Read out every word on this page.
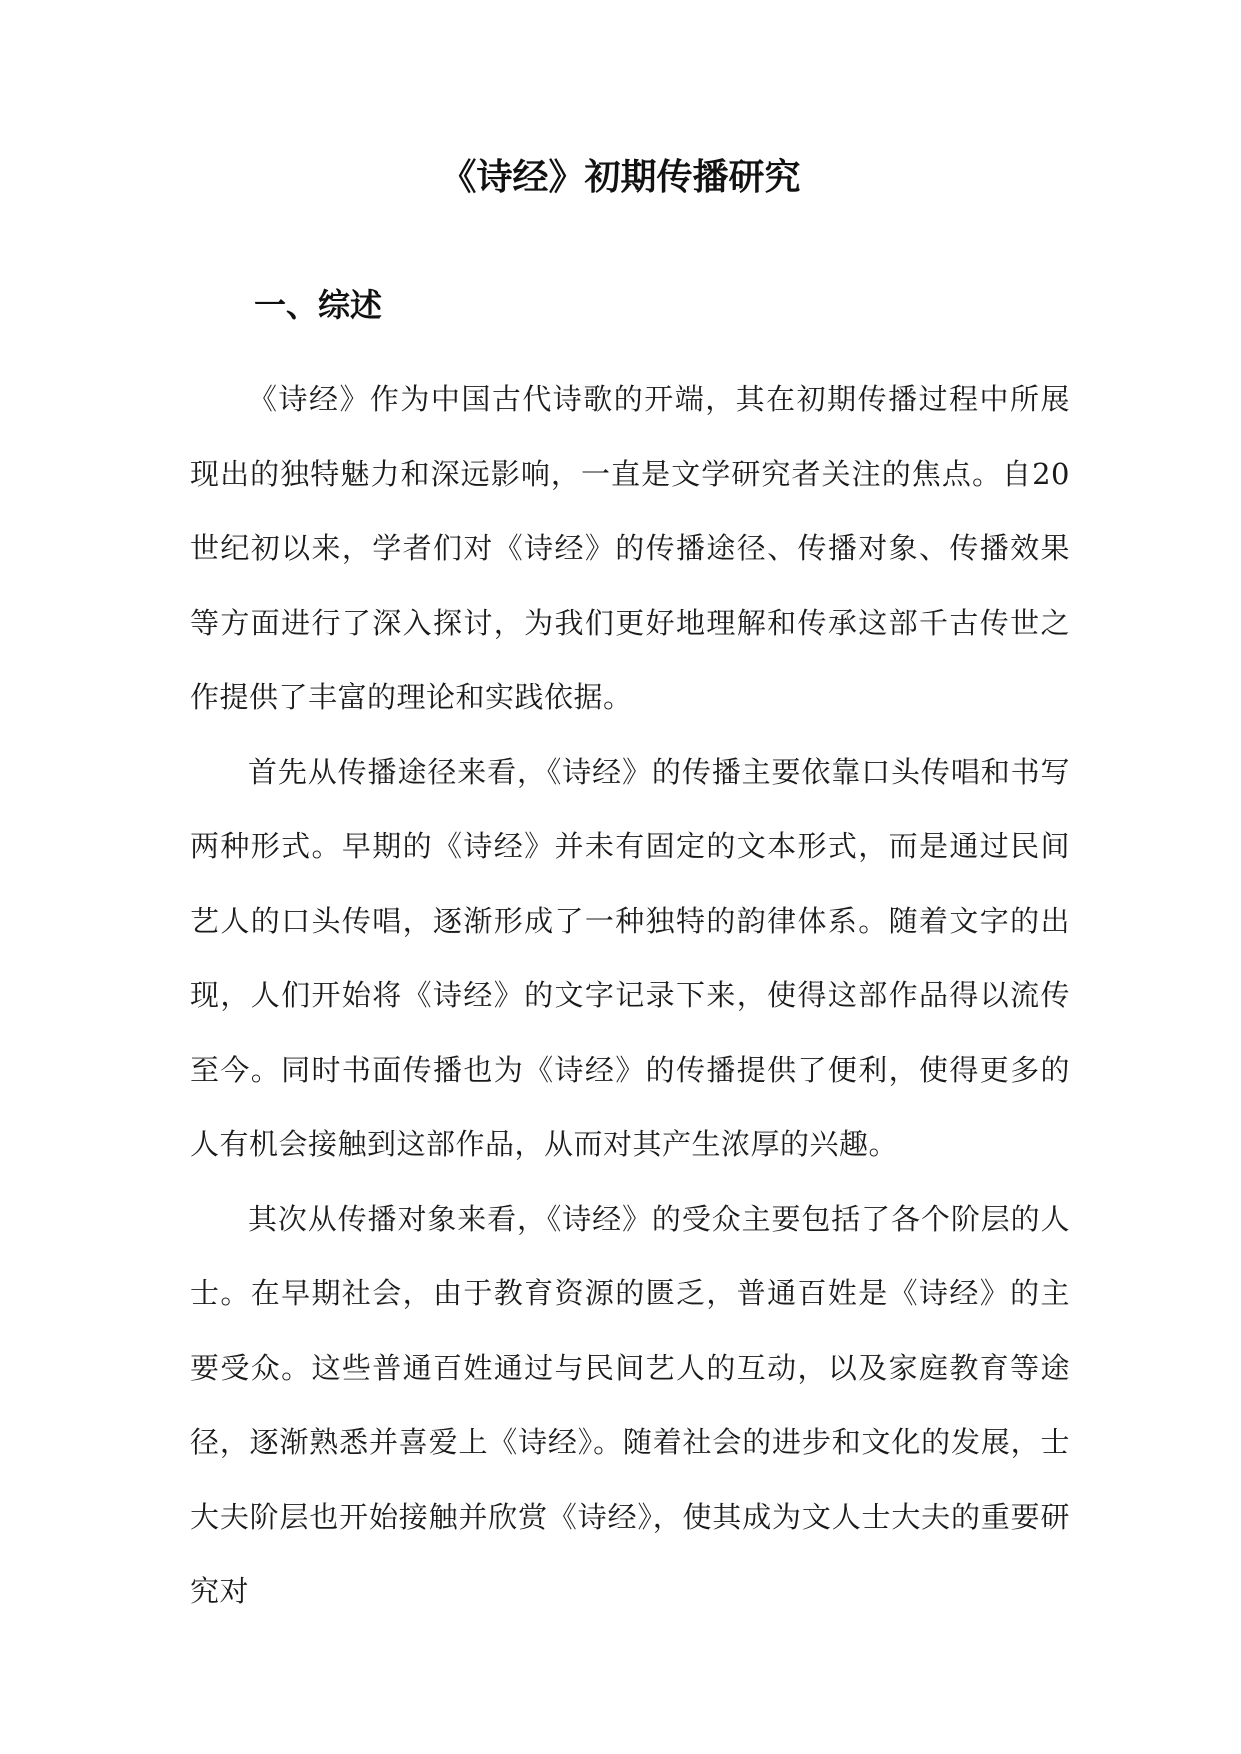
《诗经》初期传播研究
一、综述

《诗经》作为中国古代诗歌的开端，其在初期传播过程中所展现出的独特魅力和深远影响，一直是文学研究者关注的焦点。自20世纪初以来，学者们对《诗经》的传播途径、传播对象、传播效果等方面进行了深入探讨，为我们更好地理解和传承这部千古传世之作提供了丰富的理论和实践依据。

首先从传播途径来看，《诗经》的传播主要依靠口头传唱和书写两种形式。早期的《诗经》并未有固定的文本形式，而是通过民间艺人的口头传唱，逐渐形成了一种独特的韵律体系。随着文字的出现，人们开始将《诗经》的文字记录下来，使得这部作品得以流传至今。同时书面传播也为《诗经》的传播提供了便利，使得更多的人有机会接触到这部作品，从而对其产生浓厚的兴趣。

其次从传播对象来看，《诗经》的受众主要包括了各个阶层的人士。在早期社会，由于教育资源的匮乏，普通百姓是《诗经》的主要受众。这些普通百姓通过与民间艺人的互动，以及家庭教育等途径，逐渐熟悉并喜爱上《诗经》。随着社会的进步和文化的发展，士大夫阶层也开始接触并欣赏《诗经》，使其成为文人士大夫的重要研究对
